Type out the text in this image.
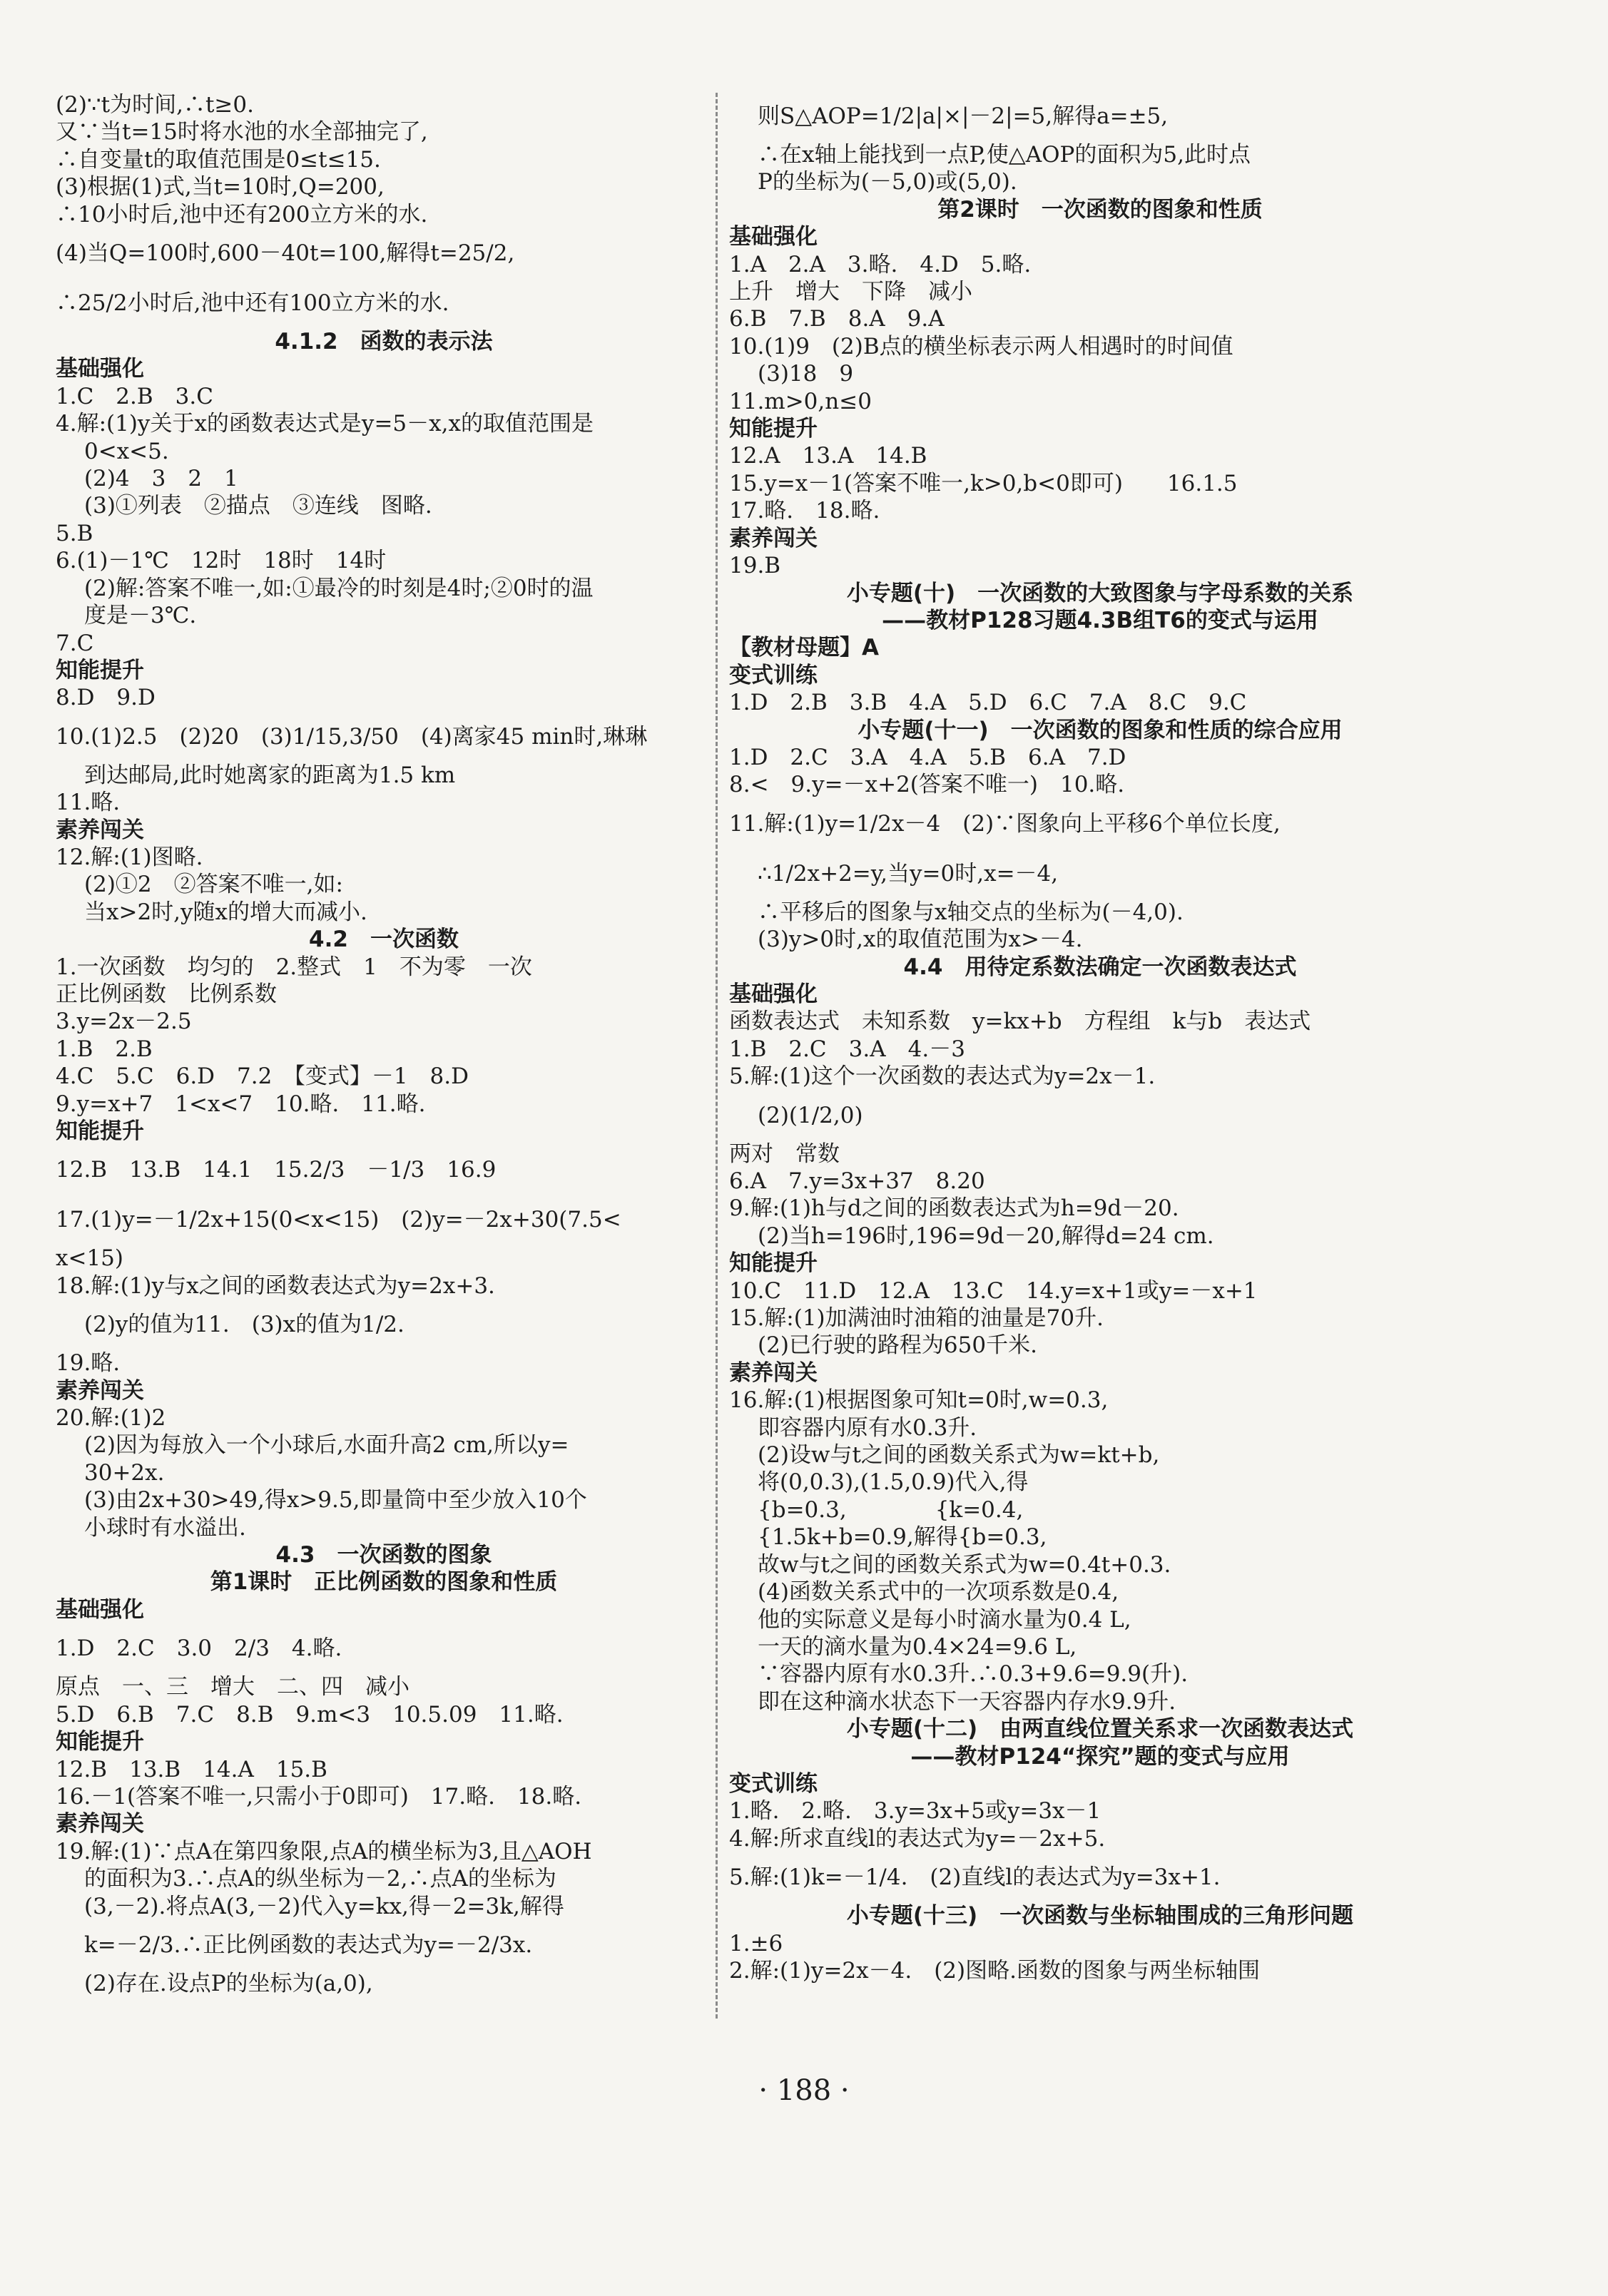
(2)∵t为时间,∴t≥0.

又∵当t=15时将水池的水全部抽完了,

∴自变量t的取值范围是0≤t≤15.

(3)根据(1)式,当t=10时,Q=200,

∴10小时后,池中还有200立方米的水.

(4)当Q=100时,600－40t=100,解得t=25/2,

∴25/2小时后,池中还有100立方米的水.

4.1.2　函数的表示法

基础强化

1.C　2.B　3.C

4.解:(1)y关于x的函数表达式是y=5－x,x的取值范围是

0<x<5.

(2)4　3　2　1

(3)①列表　②描点　③连线　图略.

5.B

6.(1)－1℃　12时　18时　14时

(2)解:答案不唯一,如:①最冷的时刻是4时;②0时的温

度是－3℃.

7.C

知能提升

8.D　9.D

10.(1)2.5　(2)20　(3)1/15,3/50　(4)离家45 min时,琳琳

到达邮局,此时她离家的距离为1.5 km

11.略.

素养闯关

12.解:(1)图略.

(2)①2　②答案不唯一,如:

当x>2时,y随x的增大而减小.

4.2　一次函数

1.一次函数　均匀的　2.整式　1　不为零　一次

正比例函数　比例系数

3.y=2x－2.5

1.B　2.B

4.C　5.C　6.D　7.2　【变式】－1　8.D

9.y=x+7　1<x<7　10.略.　11.略.

知能提升

12.B　13.B　14.1　15.2/3　－1/3　16.9

17.(1)y=－1/2x+15(0<x<15)　(2)y=－2x+30(7.5<

x<15)

18.解:(1)y与x之间的函数表达式为y=2x+3.

(2)y的值为11.　(3)x的值为1/2.

19.略.

素养闯关

20.解:(1)2

(2)因为每放入一个小球后,水面升高2 cm,所以y=

30+2x.

(3)由2x+30>49,得x>9.5,即量筒中至少放入10个

小球时有水溢出.

4.3　一次函数的图象

第1课时　正比例函数的图象和性质

基础强化

1.D　2.C　3.0　2/3　4.略.

原点　一、三　增大　二、四　减小

5.D　6.B　7.C　8.B　9.m<3　10.5.09　11.略.

知能提升

12.B　13.B　14.A　15.B

16.－1(答案不唯一,只需小于0即可)　17.略.　18.略.

素养闯关

19.解:(1)∵点A在第四象限,点A的横坐标为3,且△AOH

的面积为3.∴点A的纵坐标为－2,∴点A的坐标为

(3,－2).将点A(3,－2)代入y=kx,得－2=3k,解得

k=－2/3.∴正比例函数的表达式为y=－2/3x.

(2)存在.设点P的坐标为(a,0),

则S△AOP=1/2|a|×|－2|=5,解得a=±5,

∴在x轴上能找到一点P,使△AOP的面积为5,此时点

P的坐标为(－5,0)或(5,0).

第2课时　一次函数的图象和性质

基础强化

1.A　2.A　3.略.　4.D　5.略.

上升　增大　下降　减小

6.B　7.B　8.A　9.A

10.(1)9　(2)B点的横坐标表示两人相遇时的时间值

(3)18　9

11.m>0,n≤0

知能提升

12.A　13.A　14.B

15.y=x－1(答案不唯一,k>0,b<0即可)　　16.1.5

17.略.　18.略.

素养闯关

19.B

小专题(十)　一次函数的大致图象与字母系数的关系

——教材P128习题4.3B组T6的变式与运用

【教材母题】A

变式训练

1.D　2.B　3.B　4.A　5.D　6.C　7.A　8.C　9.C

小专题(十一)　一次函数的图象和性质的综合应用

1.D　2.C　3.A　4.A　5.B　6.A　7.D

8.<　9.y=－x+2(答案不唯一)　10.略.

11.解:(1)y=1/2x－4　(2)∵图象向上平移6个单位长度,

∴1/2x+2=y,当y=0时,x=－4,

∴平移后的图象与x轴交点的坐标为(－4,0).

(3)y>0时,x的取值范围为x>－4.

4.4　用待定系数法确定一次函数表达式

基础强化

函数表达式　未知系数　y=kx+b　方程组　k与b　表达式

1.B　2.C　3.A　4.－3

5.解:(1)这个一次函数的表达式为y=2x－1.

(2)(1/2,0)

两对　常数

6.A　7.y=3x+37　8.20

9.解:(1)h与d之间的函数表达式为h=9d－20.

(2)当h=196时,196=9d－20,解得d=24 cm.

知能提升

10.C　11.D　12.A　13.C　14.y=x+1或y=－x+1

15.解:(1)加满油时油箱的油量是70升.

(2)已行驶的路程为650千米.

素养闯关

16.解:(1)根据图象可知t=0时,w=0.3,

即容器内原有水0.3升.

(2)设w与t之间的函数关系式为w=kt+b,

将(0,0.3),(1.5,0.9)代入,得

{b=0.3,　　　　{k=0.4,

{1.5k+b=0.9,解得{b=0.3,

故w与t之间的函数关系式为w=0.4t+0.3.

(4)函数关系式中的一次项系数是0.4,

他的实际意义是每小时滴水量为0.4 L,

一天的滴水量为0.4×24=9.6 L,

∵容器内原有水0.3升.∴0.3+9.6=9.9(升).

即在这种滴水状态下一天容器内存水9.9升.

小专题(十二)　由两直线位置关系求一次函数表达式

——教材P124“探究”题的变式与应用

变式训练

1.略.　2.略.　3.y=3x+5或y=3x－1

4.解:所求直线l的表达式为y=－2x+5.

5.解:(1)k=－1/4.　(2)直线l的表达式为y=3x+1.

小专题(十三)　一次函数与坐标轴围成的三角形问题

1.±6

2.解:(1)y=2x－4.　(2)图略.函数的图象与两坐标轴围

· 188 ·
